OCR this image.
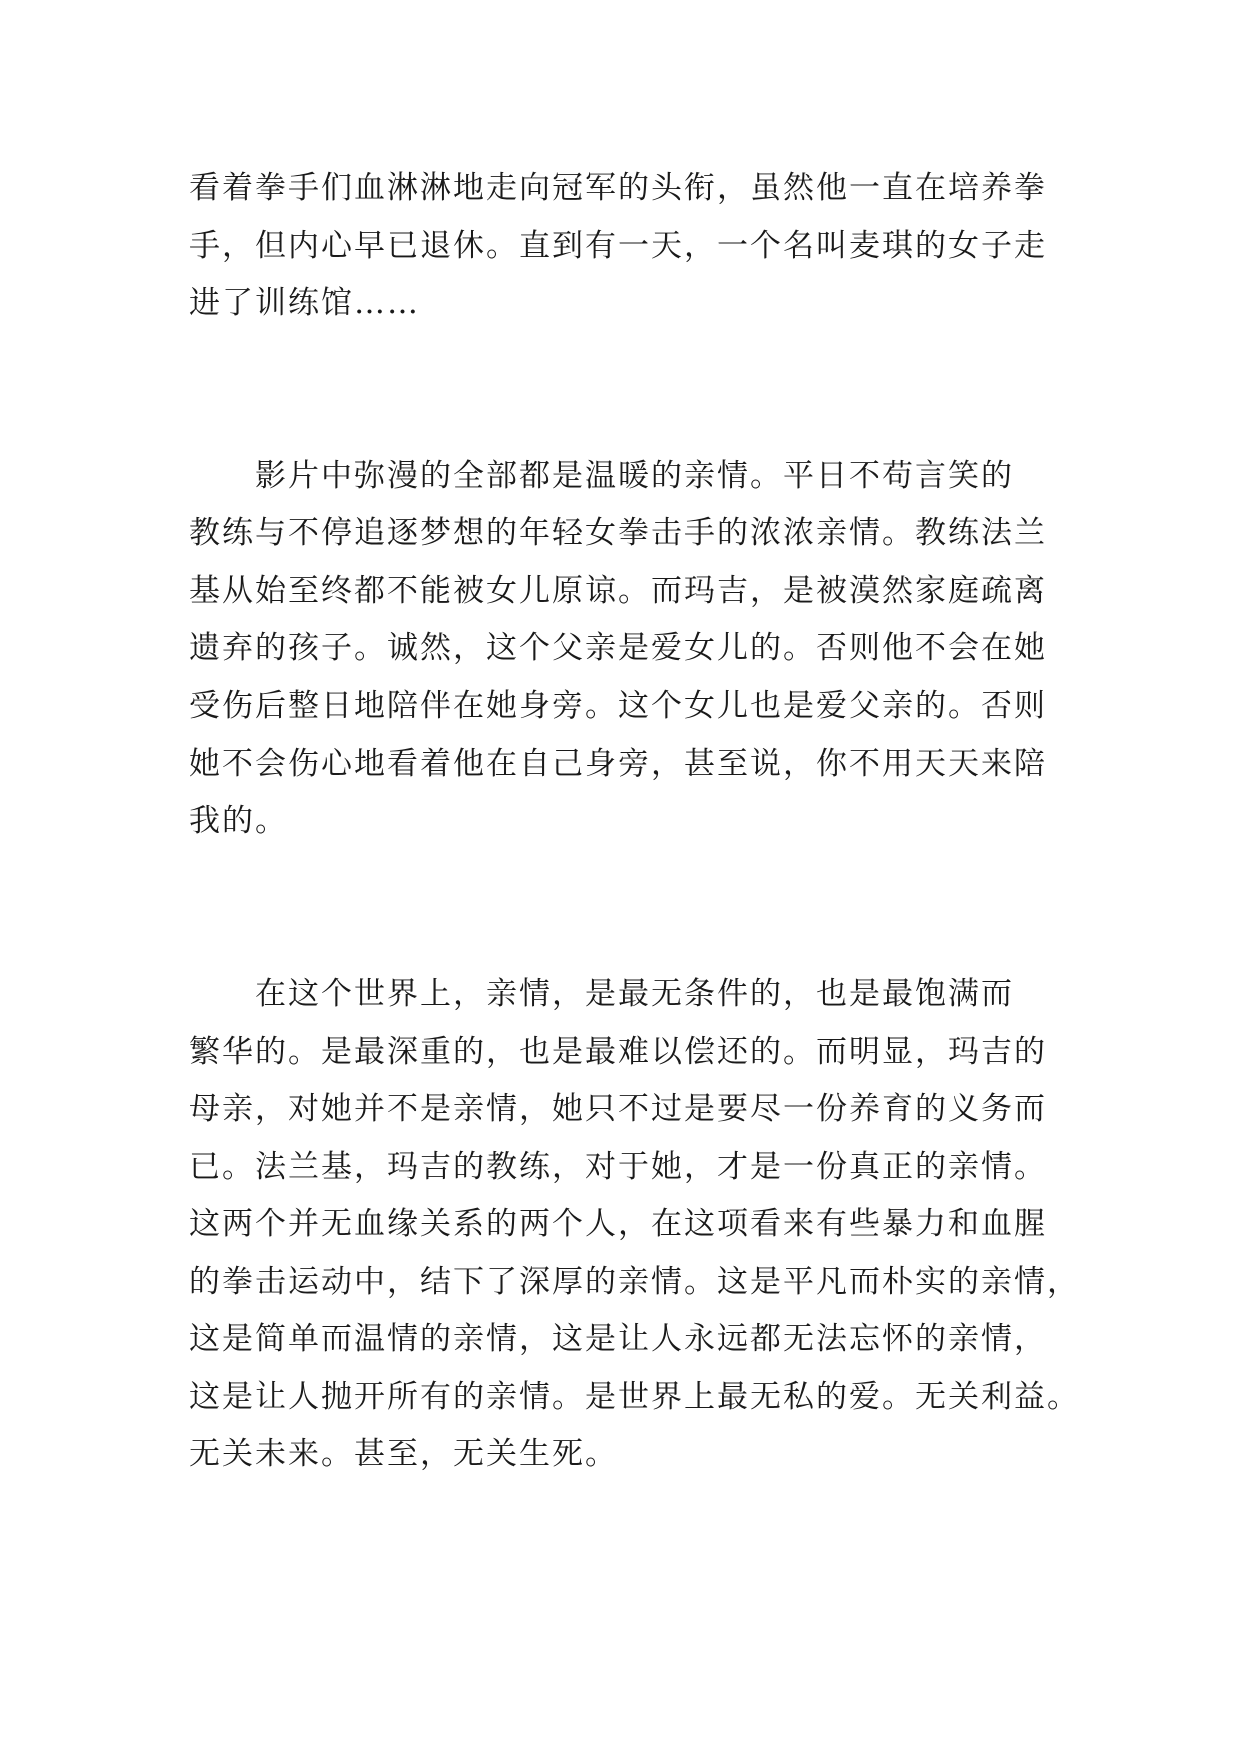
看着拳手们血淋淋地走向冠军的头衔，虽然他一直在培养拳

手，但内心早已退休。直到有一天，一个名叫麦琪的女子走

进了训练馆……

　　影片中弥漫的全部都是温暖的亲情。平日不苟言笑的

教练与不停追逐梦想的年轻女拳击手的浓浓亲情。教练法兰

基从始至终都不能被女儿原谅。而玛吉，是被漠然家庭疏离

遗弃的孩子。诚然，这个父亲是爱女儿的。否则他不会在她

受伤后整日地陪伴在她身旁。这个女儿也是爱父亲的。否则

她不会伤心地看着他在自己身旁，甚至说，你不用天天来陪

我的。

　　在这个世界上，亲情，是最无条件的，也是最饱满而

繁华的。是最深重的，也是最难以偿还的。而明显，玛吉的

母亲，对她并不是亲情，她只不过是要尽一份养育的义务而

已。法兰基，玛吉的教练，对于她，才是一份真正的亲情。

这两个并无血缘关系的两个人，在这项看来有些暴力和血腥

的拳击运动中，结下了深厚的亲情。这是平凡而朴实的亲情，

这是简单而温情的亲情，这是让人永远都无法忘怀的亲情，

这是让人抛开所有的亲情。是世界上最无私的爱。无关利益。

无关未来。甚至，无关生死。
